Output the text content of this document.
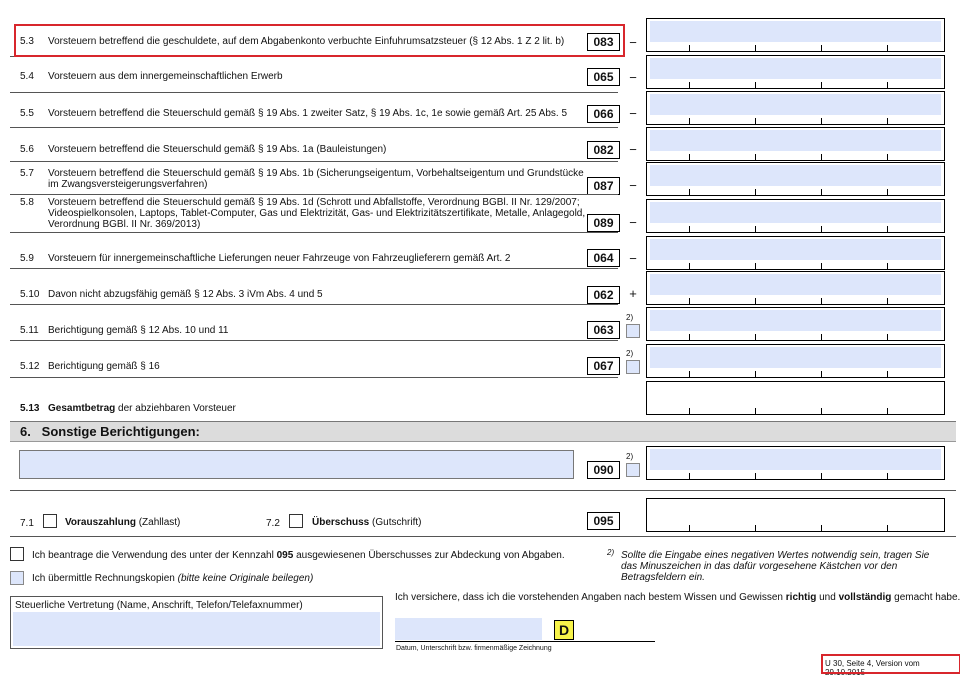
5.3 Vorsteuern betreffend die geschuldete, auf dem Abgabenkonto verbuchte Einfuhrumsatzsteuer (§ 12 Abs. 1 Z 2 lit. b)	083	−
5.4 Vorsteuern aus dem innergemeinschaftlichen Erwerb	065	−
5.5 Vorsteuern betreffend die Steuerschuld gemäß § 19 Abs. 1 zweiter Satz, § 19 Abs. 1c, 1e sowie gemäß Art. 25 Abs. 5	066	−
5.6 Vorsteuern betreffend die Steuerschuld gemäß § 19 Abs. 1a (Bauleistungen)	082	−
5.7 Vorsteuern betreffend die Steuerschuld gemäß § 19 Abs. 1b (Sicherungseigentum, Vorbehaltseigentum und Grundstücke im Zwangsversteigerungsverfahren)	087	−
5.8 Vorsteuern betreffend die Steuerschuld gemäß § 19 Abs. 1d (Schrott und Abfallstoffe, Verordnung BGBl. II Nr. 129/2007; Videospielkonsolen, Laptops, Tablet-Computer, Gas und Elektrizität, Gas- und Elektrizitätszertifikate, Metalle, Anlagegold, Verordnung BGBl. II Nr. 369/2013)	089	−
5.9 Vorsteuern für innergemeinschaftliche Lieferungen neuer Fahrzeuge von Fahrzeuglieferern gemäß Art. 2	064	−
5.10 Davon nicht abzugsfähig gemäß § 12 Abs. 3 iVm Abs. 4 und 5	062	+
5.11 Berichtigung gemäß § 12 Abs. 10 und 11	063
2)
5.12 Berichtigung gemäß § 16	067
2)
5.13 Gesamtbetrag der abziehbaren Vorsteuer
6.   Sonstige Berichtigungen:
090
2)
7.1	Vorauszahlung (Zahllast)	7.2	Überschuss (Gutschrift)	095
Ich beantrage die Verwendung des unter der Kennzahl 095 ausgewiesenen Überschusses zur Abdeckung von Abgaben.
Ich übermittle Rechnungskopien (bitte keine Originale beilegen)
2) Sollte die Eingabe eines negativen Wertes notwendig sein, tragen Sie das Minuszeichen in das dafür vorgesehene Kästchen vor den Betragsfeldern ein.
Steuerliche Vertretung (Name, Anschrift, Telefon/Telefaxnummer)
Ich versichere, dass ich die vorstehenden Angaben nach bestem Wissen und Gewissen richtig und vollständig gemacht habe.
D
Datum, Unterschrift bzw. firmenmäßige Zeichnung
U 30, Seite 4, Version vom 29.10.2015
